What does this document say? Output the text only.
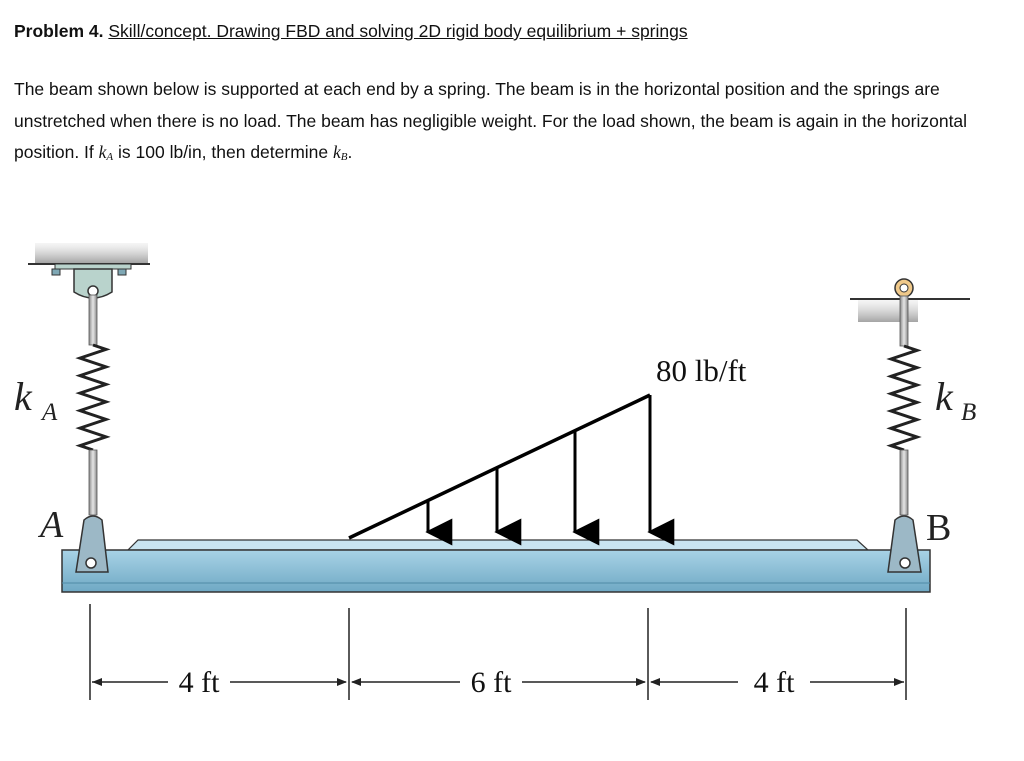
Problem 4. Skill/concept. Drawing FBD and solving 2D rigid body equilibrium + springs
The beam shown below is supported at each end by a spring. The beam is in the horizontal position and the springs are unstretched when there is no load. The beam has negligible weight. For the load shown, the beam is again in the horizontal position. If $k_A$ is 100 lb/in, then determine $k_B$.
80 lb/ft
k A	k B
A	B
4 ft	6 ft	4 ft
